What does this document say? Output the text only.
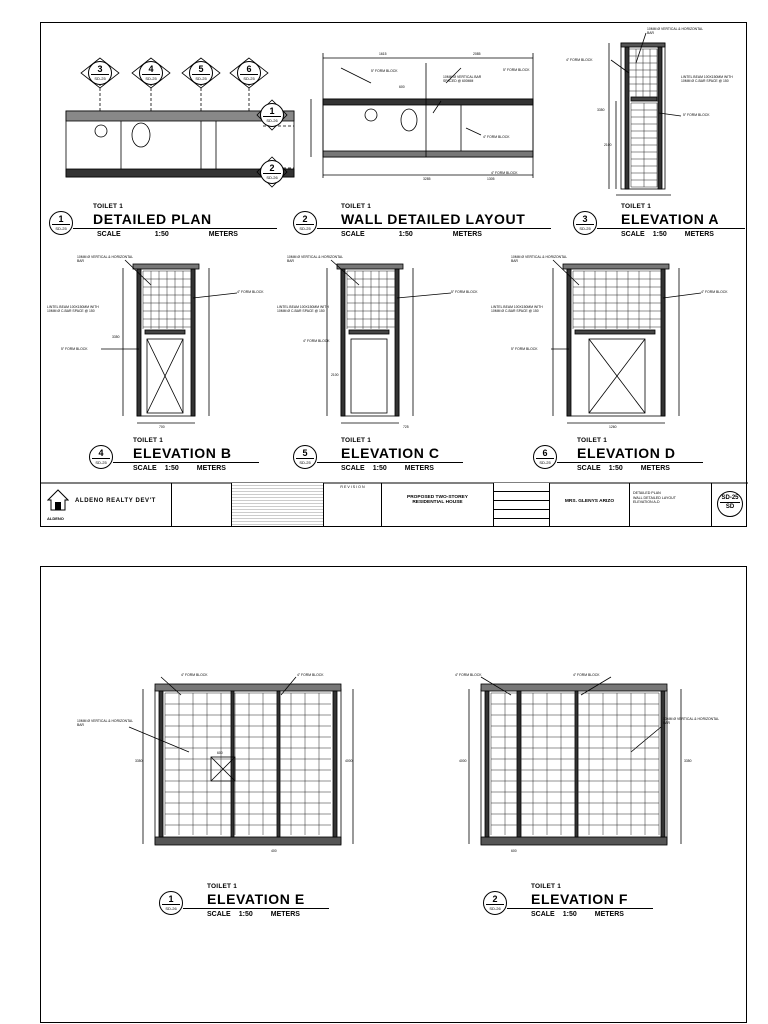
3
SD-25
4
SD-25
5
SD-25
6
SD-25
1
SD-26
2
SD-26
5" FORM BLOCK	5" FORM BLOCK
10MM Ø VERTICAL BAR SPACED @ 600MM
4" FORM BLOCK
4" FORM BLOCK
1615	2085
600
3285	1305
10MM Ø VERTICAL & HORIZONTAL BAR
4" FORM BLOCK
LINTEL BEAM 100X150MM WITH 10MM Ø C-BAR SPACE @ 150
5" FORM BLOCK
3350
2100
10MM Ø VERTICAL & HORIZONTAL BAR
4" FORM BLOCK
LINTEL BEAM 100X150MM WITH 10MM Ø C-BAR SPACE @ 150
5" FORM BLOCK
3350
700
10MM Ø VERTICAL & HORIZONTAL BAR
5" FORM BLOCK
LINTEL BEAM 100X150MM WITH 10MM Ø C-BAR SPACE @ 150
4" FORM BLOCK
2100
725
10MM Ø VERTICAL & HORIZONTAL BAR
4" FORM BLOCK
LINTEL BEAM 100X150MM WITH 10MM Ø C-BAR SPACE @ 150
5" FORM BLOCK
1260
1
SD-25
TOILET 1
DETAILED PLAN
SCALE	1:50	METERS
2
SD-25
TOILET 1
WALL DETAILED LAYOUT
SCALE	1:50	METERS
3
SD-25
TOILET 1
ELEVATION A
SCALE 1:50	METERS
4
SD-25
TOILET 1
ELEVATION B
SCALE 1:50	METERS
5
SD-25
TOILET 1
ELEVATION C
SCALE 1:50	METERS
6
SD-25
TOILET 1
ELEVATION D
SCALE 1:50	METERS
ALDENO
ALDENO REALTY DEV'T
R E V I S I O N
PROPOSED TWO-STOREY RESIDENTIAL HOUSE	MRS. GLENYS ARIZO
DETAILED PLAN
WALL DETAILED LAYOUT
ELEVATION A-D
SD-25
SD
4" FORM BLOCK	4" FORM BLOCK
10MM Ø VERTICAL & HORIZONTAL BAR
3350	4000
600
400
4" FORM BLOCK	4" FORM BLOCK
10MM Ø VERTICAL & HORIZONTAL BAR
4000	3350
600
1
SD-26
TOILET 1
ELEVATION E
SCALE 1:50	METERS
2
SD-26
TOILET 1
ELEVATION F
SCALE 1:50	METERS
